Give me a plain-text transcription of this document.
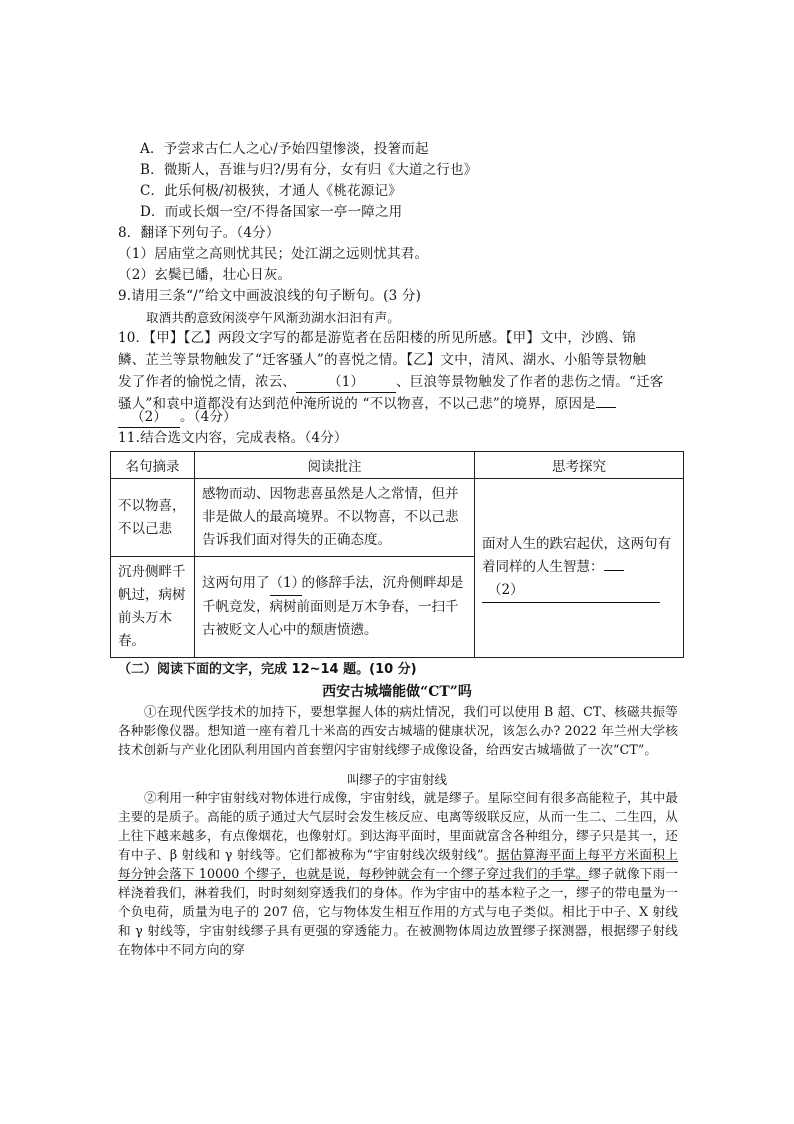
A．予尝求古仁人之心/予始四望惨淡，投箸而起
B．微斯人，吾谁与归?/男有分，女有归《大道之行也》
C．此乐何极/初极狭，才通人《桃花源记》
D．而或长烟一空/不得备国家一亭一障之用
8．翻译下列句子。（4分）
（1）居庙堂之高则忧其民；处江湖之远则忧其君。
（2）玄鬓已皤，壮心日灰。
9.请用三条“/”给文中画波浪线的句子断句。(3 分)
取酒共酌意致闲淡亭午风渐劲湖水汩汩有声。
10．【甲】【乙】两段文字写的都是游览者在岳阳楼的所见所感。【甲】文中，沙鸥、锦
鳞、芷兰等景物触发了“迁客骚人”的喜悦之情。【乙】文中，清风、湖水、小船等景物触
发了作者的愉悦之情，浓云、 （1） 、巨浪等景物触发了作者的悲伤之情。“迁客
骚人”和袁中道都没有达到范仲淹所说的 “不以物喜，不以己悲”的境界，原因是
（2） 。（4分）
11.结合选文内容，完成表格。（4分）
名句摘录	阅读批注	思考探究
不以物喜，不以己悲	感物而动、因物悲喜虽然是人之常情，但并非是做人的最高境界。不以物喜，不以己悲告诉我们面对得失的正确态度。	面对人生的跌宕起伏，这两句有着同样的人生智慧：
（2）
沉舟侧畔千帆过，病树前头万木春。	这两句用了（1）的修辞手法，沉舟侧畔却是千帆竞发，病树前面则是万木争春，一扫千古被贬文人心中的颓唐愤懑。	
（二）阅读下面的文字，完成 12~14 题。(10 分)
西安古城墙能做“CT”吗
①在现代医学技术的加持下，要想掌握人体的病灶情况，我们可以使用 B 超、CT、核磁共振等各种影像仪器。想知道一座有着几十米高的西安古城墙的健康状况，该怎么办? 2022 年兰州大学核技术创新与产业化团队利用国内首套塑闪宇宙射线缪子成像设备，给西安古城墙做了一次“CT”。
叫缪子的宇宙射线
②利用一种宇宙射线对物体进行成像，宇宙射线，就是缪子。星际空间有很多高能粒子，其中最主要的是质子。高能的质子通过大气层时会发生核反应、电离等级联反应，从而一生二、二生四，从上往下越来越多，有点像烟花，也像射灯。到达海平面时，里面就富含各种组分，缪子只是其一，还有中子、β 射线和 γ 射线等。它们都被称为“宇宙射线次级射线”。据估算海平面上每平方米面积上每分钟会落下 10000 个缪子，也就是说，每秒钟就会有一个缪子穿过我们的手掌。缪子就像下雨一样浇着我们，淋着我们，时时刻刻穿透我们的身体。作为宇宙中的基本粒子之一，缪子的带电量为一个负电荷，质量为电子的 207 倍，它与物体发生相互作用的方式与电子类似。相比于中子、X 射线和 γ 射线等，宇宙射线缪子具有更强的穿透能力。在被测物体周边放置缪子探测器，根据缪子射线在物体中不同方向的穿
